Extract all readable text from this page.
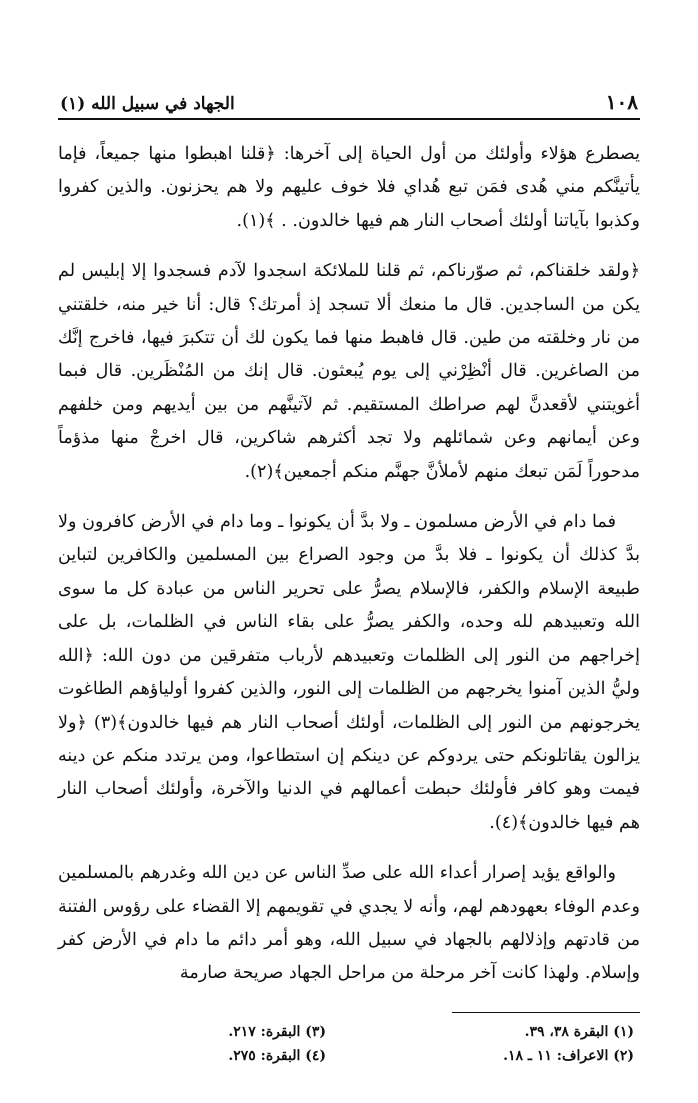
١٠٨
الجهاد في سبيل الله (١)

يصطرع هؤلاء وأولئك من أول الحياة إلى آخرها: ﴿قلنا اهبطوا منها جميعاً، فإما يأتينَّكم مني هُدى فمَن تبع هُداي فلا خوف عليهم ولا هم يحزنون. والذين كفروا وكذبوا بآياتنا أولئك أصحاب النار هم فيها خالدون. . ﴾(١).

﴿ولقد خلقناكم، ثم صوّرناكم، ثم قلنا للملائكة اسجدوا لآدم فسجدوا إلا إبليس لم يكن من الساجدين. قال ما منعك ألا تسجد إذ أمرتك؟ قال: أنا خير منه، خلقتني من نار وخلقته من طين. قال فاهبط منها فما يكون لك أن تتكبرَ فيها، فاخرج إنَّك من الصاغرين. قال أنْظِرْني إلى يوم يُبعثون. قال إنك من المُنْظَرين. قال فبما أغويتني لأقعدنَّ لهم صراطك المستقيم. ثم لآتينَّهم من بين أيديهم ومن خلفهم وعن أيمانهم وعن شمائلهم ولا تجد أكثرهم شاكرين، قال اخرجْ منها مذؤماً مدحوراً لَمَن تبعك منهم لأملأنَّ جهنَّم منكم أجمعين﴾(٢).

فما دام في الأرض مسلمون ـ ولا بدَّ أن يكونوا ـ وما دام في الأرض كافرون ولا بدَّ كذلك أن يكونوا ـ فلا بدَّ من وجود الصراع بين المسلمين والكافرين لتباين طبيعة الإسلام والكفر، فالإسلام يصرُّ على تحرير الناس من عبادة كل ما سوى الله وتعبيدهم لله وحده، والكفر يصرُّ على بقاء الناس في الظلمات، بل على إخراجهم من النور إلى الظلمات وتعبيدهم لأرباب متفرقين من دون الله: ﴿الله وليُّ الذين آمنوا يخرجهم من الظلمات إلى النور، والذين كفروا أولياؤهم الطاغوت يخرجونهم من النور إلى الظلمات، أولئك أصحاب النار هم فيها خالدون﴾(٣) ﴿ولا يزالون يقاتلونكم حتى يردوكم عن دينكم إن استطاعوا، ومن يرتدد منكم عن دينه فيمت وهو كافر فأولئك حبطت أعمالهم في الدنيا والآخرة، وأولئك أصحاب النار هم فيها خالدون﴾(٤).

والواقع يؤيد إصرار أعداء الله على صدِّ الناس عن دين الله وغدرهم بالمسلمين وعدم الوفاء بعهودهم لهم، وأنه لا يجدي في تقويمهم إلا القضاء على رؤوس الفتنة من قادتهم وإذلالهم بالجهاد في سبيل الله، وهو أمر دائم ما دام في الأرض كفر وإسلام. ولهذا كانت آخر مرحلة من مراحل الجهاد صريحة صارمة

(١) البقرة ٣٨، ٣٩.
(٣) البقرة: ٢١٧.
(٢) الاعراف: ١١ ـ ١٨.
(٤) البقرة: ٢٧٥.
